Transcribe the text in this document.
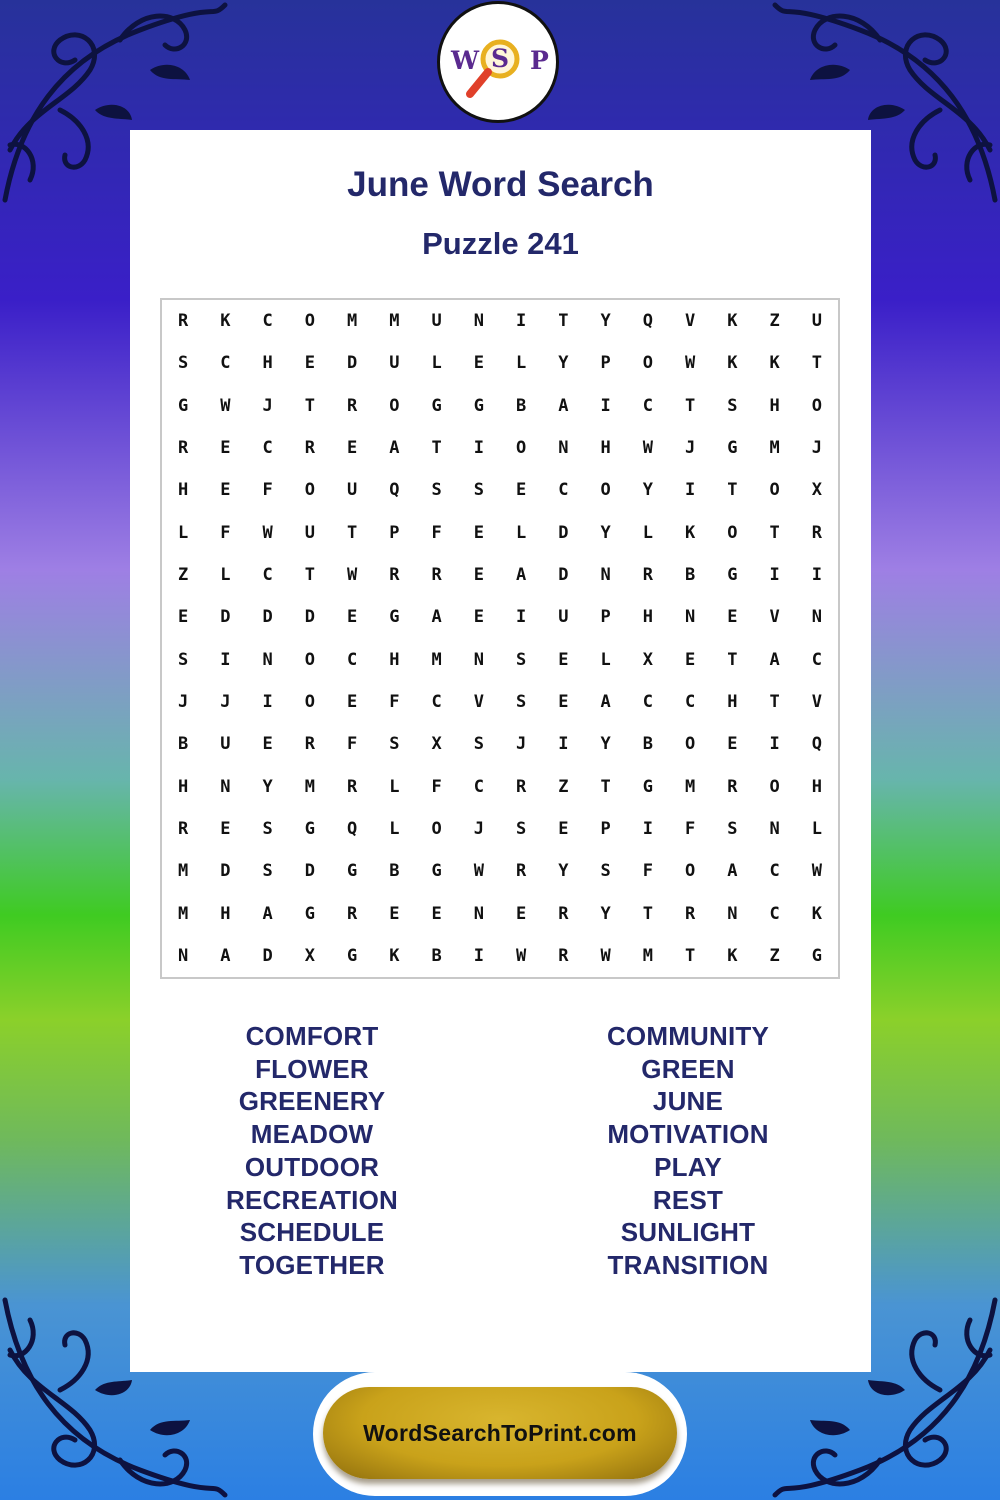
W S P
June Word Search
Puzzle 241
R	K	C	O	M	M	U	N	I	T	Y	Q	V	K	Z	U
S	C	H	E	D	U	L	E	L	Y	P	O	W	K	K	T
G	W	J	T	R	O	G	G	B	A	I	C	T	S	H	O
R	E	C	R	E	A	T	I	O	N	H	W	J	G	M	J
H	E	F	O	U	Q	S	S	E	C	O	Y	I	T	O	X
L	F	W	U	T	P	F	E	L	D	Y	L	K	O	T	R
Z	L	C	T	W	R	R	E	A	D	N	R	B	G	I	I
E	D	D	D	E	G	A	E	I	U	P	H	N	E	V	N
S	I	N	O	C	H	M	N	S	E	L	X	E	T	A	C
J	J	I	O	E	F	C	V	S	E	A	C	C	H	T	V
B	U	E	R	F	S	X	S	J	I	Y	B	O	E	I	Q
H	N	Y	M	R	L	F	C	R	Z	T	G	M	R	O	H
R	E	S	G	Q	L	O	J	S	E	P	I	F	S	N	L
M	D	S	D	G	B	G	W	R	Y	S	F	O	A	C	W
M	H	A	G	R	E	E	N	E	R	Y	T	R	N	C	K
N	A	D	X	G	K	B	I	W	R	W	M	T	K	Z	G
COMFORT
FLOWER
GREENERY
MEADOW
OUTDOOR
RECREATION
SCHEDULE
TOGETHER
COMMUNITY
GREEN
JUNE
MOTIVATION
PLAY
REST
SUNLIGHT
TRANSITION
WordSearchToPrint.com
